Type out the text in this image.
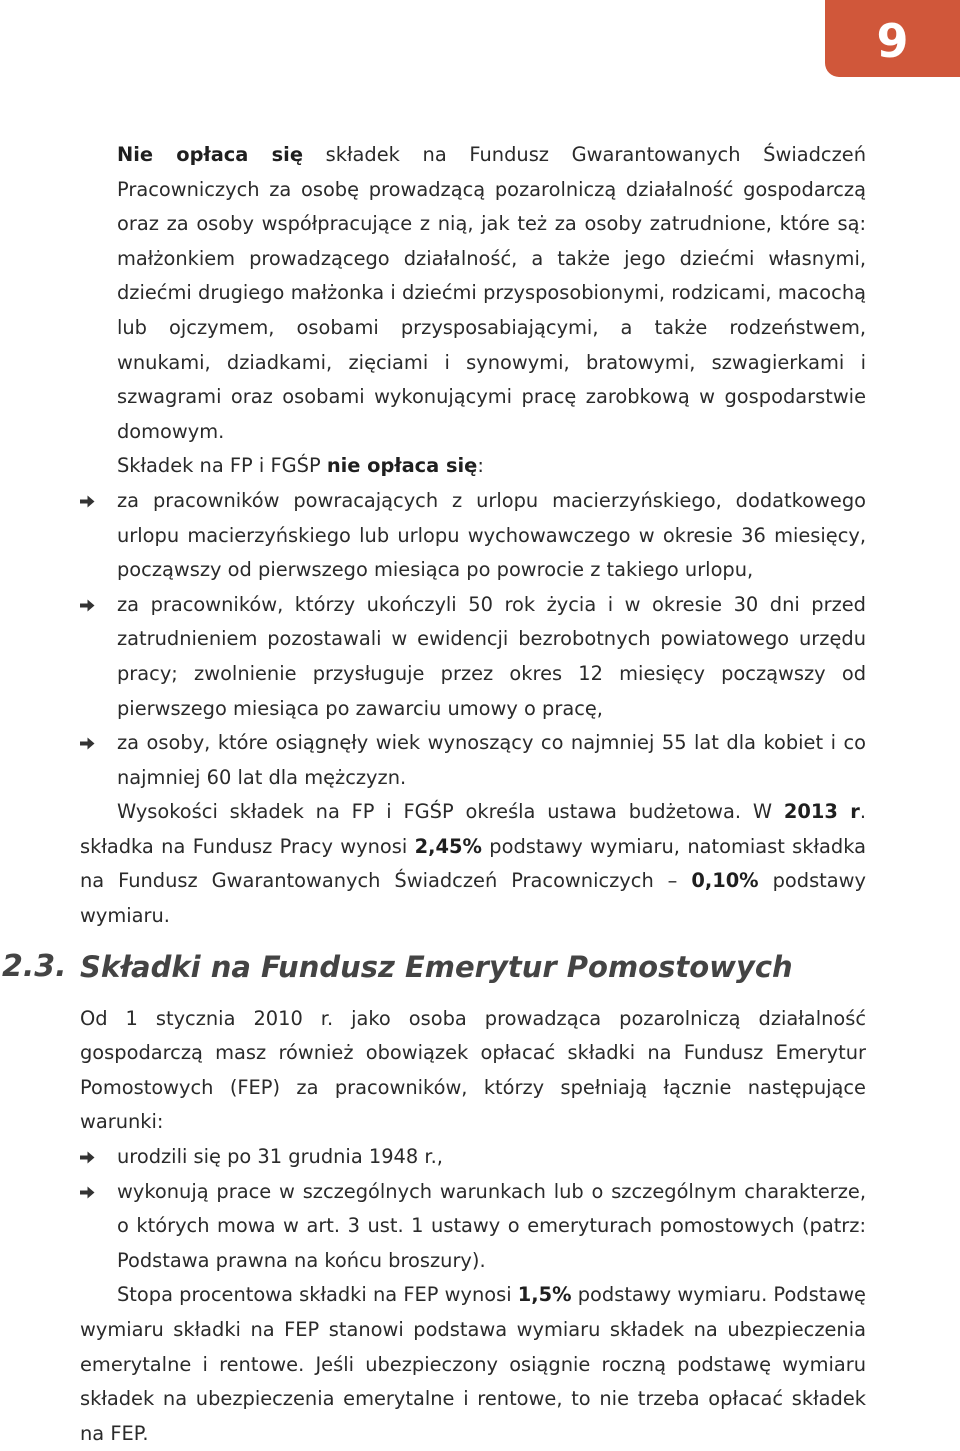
9

Nie opłaca się składek na Fundusz Gwarantowanych Świadczeń Pracowniczych za osobę prowadzącą pozarolniczą działalność gospodarczą oraz za osoby współpracujące z nią, jak też za osoby zatrudnione, które są: małżonkiem prowadzącego działalność, a także jego dziećmi własnymi, dziećmi drugiego małżonka i dziećmi przysposobionymi, rodzicami, macochą lub ojczymem, osobami przysposabiającymi, a także rodzeństwem, wnukami, dziadkami, zięciami i synowymi, bratowymi, szwagierkami i szwagrami oraz osobami wykonującymi pracę zarobkową w gospodarstwie domowym.

Składek na FP i FGŚP nie opłaca się:

za pracowników powracających z urlopu macierzyńskiego, dodatkowego urlopu macierzyńskiego lub urlopu wychowawczego w okresie 36 miesięcy, począwszy od pierwszego miesiąca po powrocie z takiego urlopu,
za pracowników, którzy ukończyli 50 rok życia i w okresie 30 dni przed zatrudnieniem pozostawali w ewidencji bezrobotnych powiatowego urzędu pracy; zwolnienie przysługuje przez okres 12 miesięcy począwszy od pierwszego miesiąca po zawarciu umowy o pracę,
za osoby, które osiągnęły wiek wynoszący co najmniej 55 lat dla kobiet i co najmniej 60 lat dla mężczyzn.

Wysokości składek na FP i FGŚP określa ustawa budżetowa. W 2013 r. składka na Fundusz Pracy wynosi 2,45% podstawy wymiaru, natomiast składka na Fundusz Gwarantowanych Świadczeń Pracowniczych – 0,10% podstawy wymiaru.

2.3. Składki na Fundusz Emerytur Pomostowych

Od 1 stycznia 2010 r. jako osoba prowadząca pozarolniczą działalność gospodarczą masz również obowiązek opłacać składki na Fundusz Emerytur Pomostowych (FEP) za pracowników, którzy spełniają łącznie następujące warunki:

urodzili się po 31 grudnia 1948 r.,
wykonują prace w szczególnych warunkach lub o szczególnym charakterze, o których mowa w art. 3 ust. 1 ustawy o emeryturach pomostowych (patrz: Podstawa prawna na końcu broszury).

Stopa procentowa składki na FEP wynosi 1,5% podstawy wymiaru. Podstawę wymiaru składki na FEP stanowi podstawa wymiaru składek na ubezpieczenia emerytalne i rentowe. Jeśli ubezpieczony osiągnie roczną podstawę wymiaru składek na ubezpieczenia emerytalne i rentowe, to nie trzeba opłacać składek na FEP.
